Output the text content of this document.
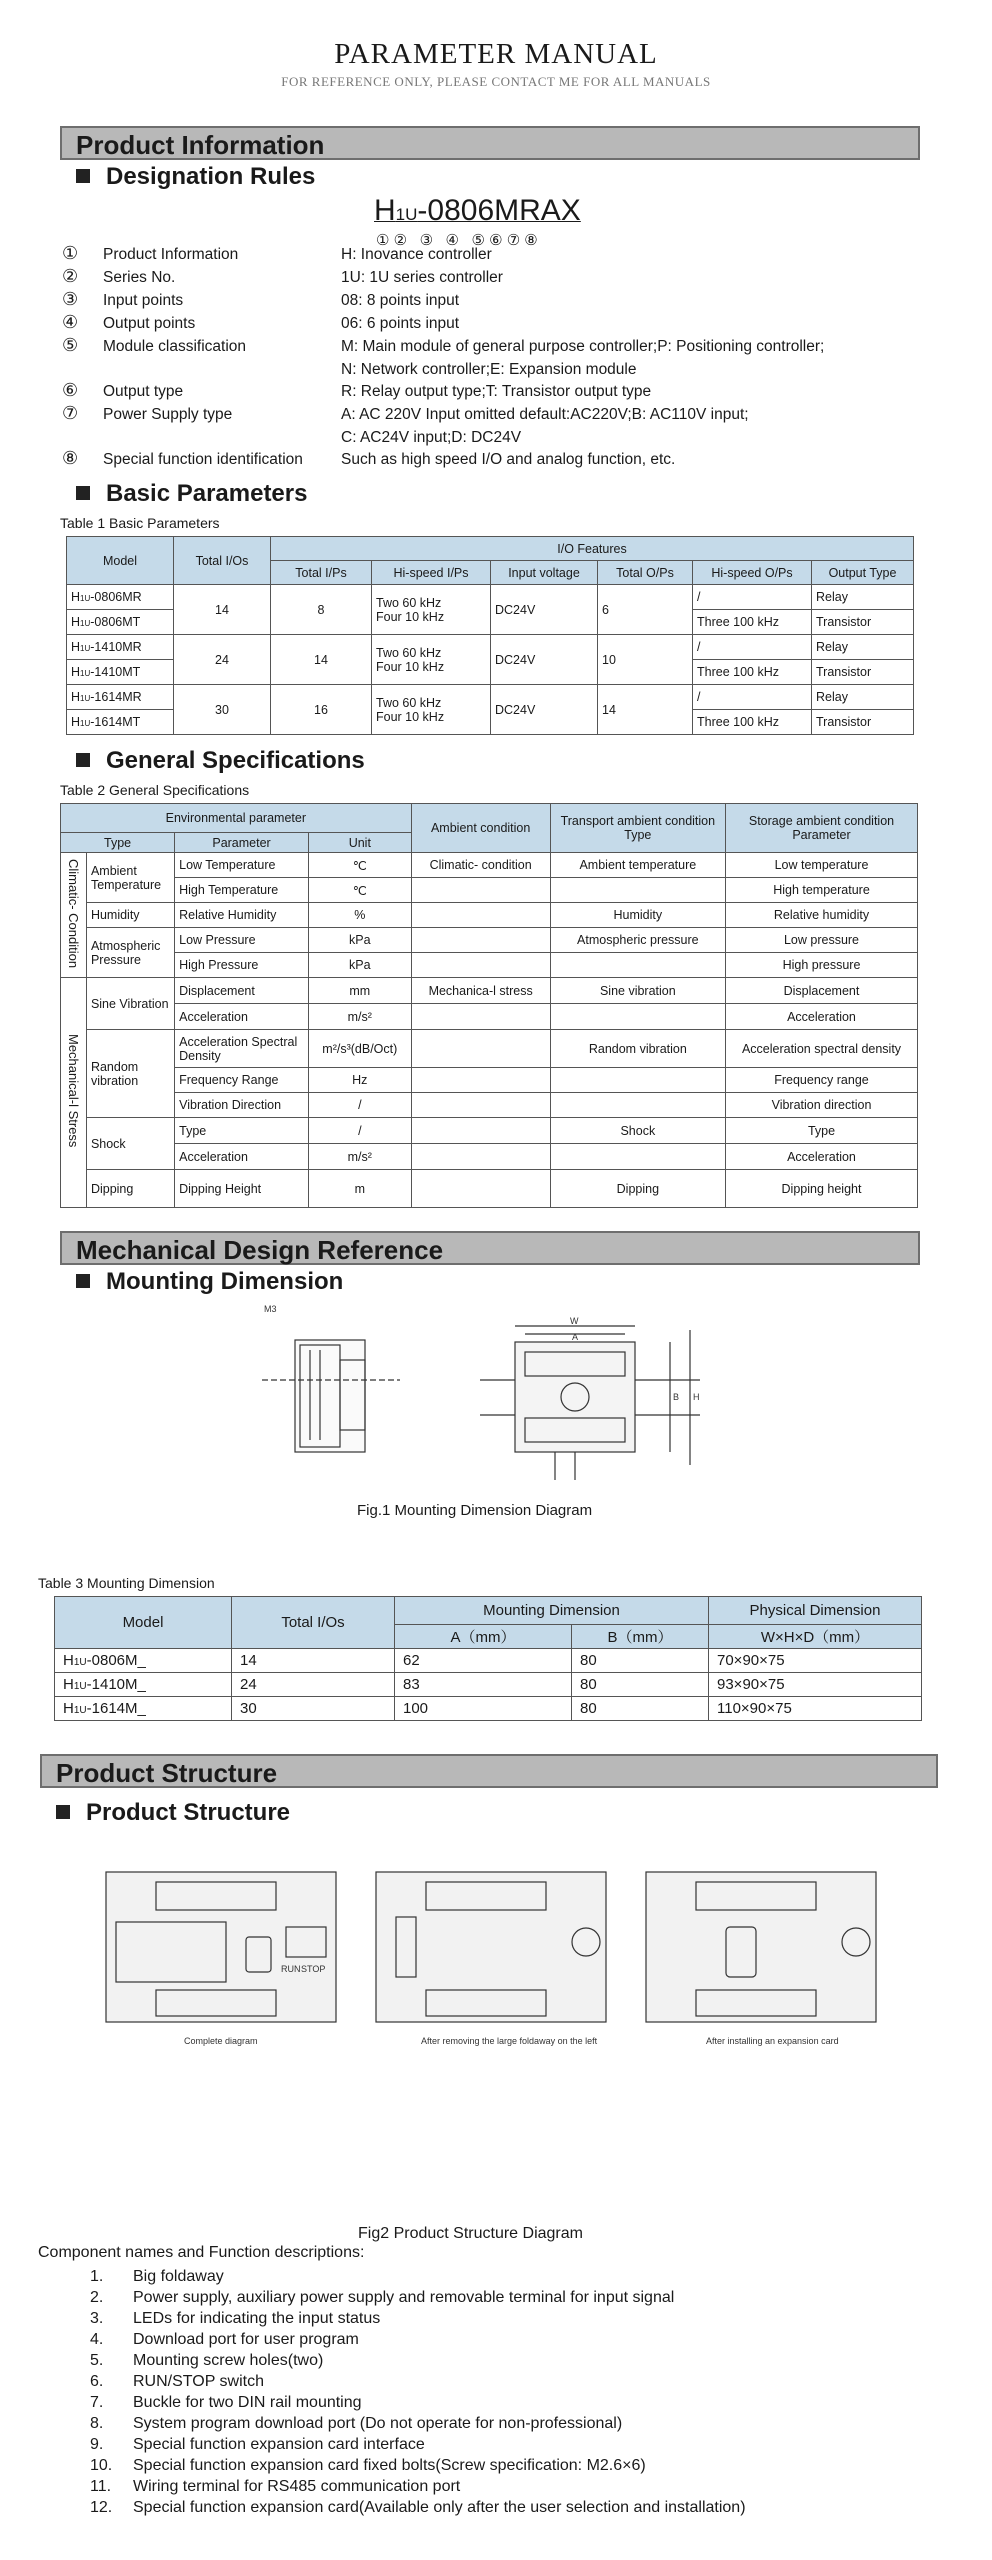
PARAMETER MANUAL
FOR REFERENCE ONLY, PLEASE CONTACT ME FOR ALL MANUALS
Product Information
Designation Rules
H1U-0806MRAX
① ②   ③   ④   ⑤ ⑥ ⑦ ⑧
① Product Information	H: Inovance controller
② Series No.	1U: 1U series controller
③ Input points	08: 8 points input
④ Output points	06: 6 points input
⑤ Module classification	M: Main module of general purpose controller;P: Positioning controller;
N: Network controller;E: Expansion module
⑥ Output type	R: Relay output type;T: Transistor output type
⑦ Power Supply type	A: AC 220V Input omitted default:AC220V;B: AC110V input;
C: AC24V input;D: DC24V
⑧ Special function identification Such as high speed I/O and analog function, etc.
Basic Parameters
Table 1 Basic Parameters
Model	Total I/Os	I/O Features					
		Total I/Ps	Hi-speed I/Ps	Input voltage	Total O/Ps	Hi-speed O/Ps	Output Type
H1U-0806MR	14	8	Two 60 kHz
Four 10 kHz	DC24V	6	/	Relay
H1U-0806MT						Three 100 kHz	Transistor
H1U-1410MR	24	14	Two 60 kHz
Four 10 kHz	DC24V	10	/	Relay
H1U-1410MT						Three 100 kHz	Transistor
H1U-1614MR	30	16	Two 60 kHz
Four 10 kHz	DC24V	14	/	Relay
H1U-1614MT						Three 100 kHz	Transistor
General Specifications
Table 2 General Specifications
Environmental parameter				Ambient condition	Transport ambient condition Type	Storage ambient condition Parameter
Type		Parameter	Unit			
Climatic- Condition	Ambient Temperature	Low Temperature	℃	Climatic- condition	Ambient temperature	Low temperature
		High Temperature	℃			High temperature
	Humidity	Relative Humidity	%		Humidity	Relative humidity
	Atmospheric Pressure	Low Pressure	kPa		Atmospheric pressure	Low pressure
		High Pressure	kPa			High pressure
Mechanical-l Stress	Sine Vibration	Displacement	mm	Mechanica-l stress	Sine vibration	Displacement
		Acceleration	m/s²			Acceleration
	Random vibration	Acceleration Spectral Density	m²/s³(dB/Oct)		Random vibration	Acceleration spectral density
		Frequency Range	Hz			Frequency range
		Vibration Direction	/			Vibration direction
	Shock	Type	/		Shock	Type
		Acceleration	m/s²			Acceleration
	Dipping	Dipping Height	m		Dipping	Dipping height
Mechanical Design Reference
Mounting Dimension
M3
W
A
B H
Fig.1 Mounting Dimension Diagram
Table 3 Mounting Dimension
Model	Total I/Os	Mounting Dimension		Physical Dimension
		A（mm）	B（mm）	W×H×D（mm）
H1U-0806M_	14	62	80	70×90×75
H1U-1410M_	24	83	80	93×90×75
H1U-1614M_	30	100	80	110×90×75
Product Structure
Product Structure
Complete diagram	After removing the large foldaway on the left	After installing an expansion card
RUN STOP
Fig2 Product Structure Diagram
Component names and Function descriptions:
1. Big foldaway
2. Power supply, auxiliary power supply and removable terminal for input signal
3. LEDs for indicating the input status
4. Download port for user program
5. Mounting screw holes(two)
6. RUN/STOP switch
7. Buckle for two DIN rail mounting
8. System program download port (Do not operate for non-professional)
9. Special function expansion card interface
10. Special function expansion card fixed bolts(Screw specification: M2.6×6)
11. Wiring terminal for RS485 communication port
12. Special function expansion card(Available only after the user selection and installation)
